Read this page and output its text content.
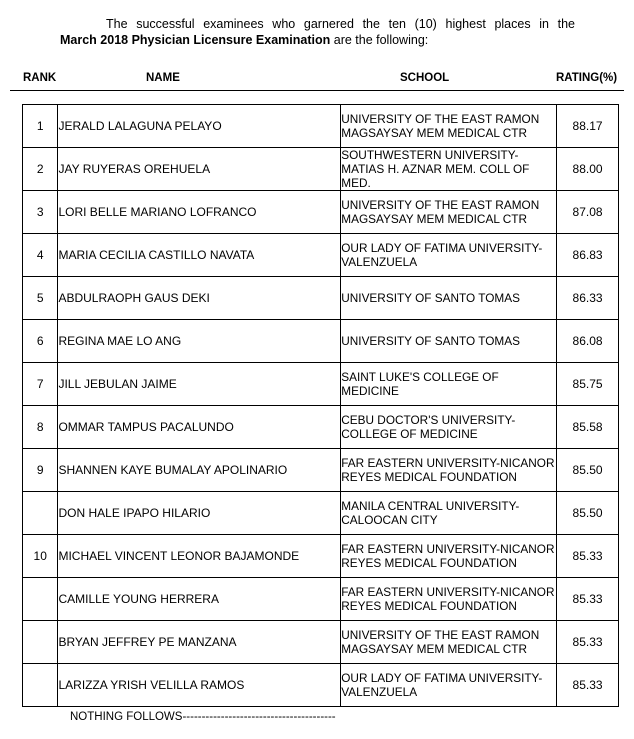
The successful examinees who garnered the ten (10) highest places in the
March 2018 Physician Licensure Examination are the following:
RANK	NAME	SCHOOL	RATING(%)
1	JERALD LALAGUNA PELAYO	UNIVERSITY OF THE EAST RAMON MAGSAYSAY MEM MEDICAL CTR	88.17
2	JAY RUYERAS OREHUELA	SOUTHWESTERN UNIVERSITY-MATIAS H. AZNAR MEM. COLL OF MED.	88.00
3	LORI BELLE MARIANO LOFRANCO	UNIVERSITY OF THE EAST RAMON MAGSAYSAY MEM MEDICAL CTR	87.08
4	MARIA CECILIA CASTILLO NAVATA	OUR LADY OF FATIMA UNIVERSITY-VALENZUELA	86.83
5	ABDULRAOPH GAUS DEKI	UNIVERSITY OF SANTO TOMAS	86.33
6	REGINA MAE LO ANG	UNIVERSITY OF SANTO TOMAS	86.08
7	JILL JEBULAN JAIME	SAINT LUKE'S COLLEGE OF MEDICINE	85.75
8	OMMAR TAMPUS PACALUNDO	CEBU DOCTOR'S UNIVERSITY-COLLEGE OF MEDICINE	85.58
9	SHANNEN KAYE BUMALAY APOLINARIO	FAR EASTERN UNIVERSITY-NICANOR REYES MEDICAL FOUNDATION	85.50
	DON HALE IPAPO HILARIO	MANILA CENTRAL UNIVERSITY-CALOOCAN CITY	85.50
10	MICHAEL VINCENT LEONOR BAJAMONDE	FAR EASTERN UNIVERSITY-NICANOR REYES MEDICAL FOUNDATION	85.33
	CAMILLE YOUNG HERRERA	FAR EASTERN UNIVERSITY-NICANOR REYES MEDICAL FOUNDATION	85.33
	BRYAN JEFFREY PE MANZANA	UNIVERSITY OF THE EAST RAMON MAGSAYSAY MEM MEDICAL CTR	85.33
	LARIZZA YRISH VELILLA RAMOS	OUR LADY OF FATIMA UNIVERSITY-VALENZUELA	85.33
NOTHING FOLLOWS----------------------------------------
